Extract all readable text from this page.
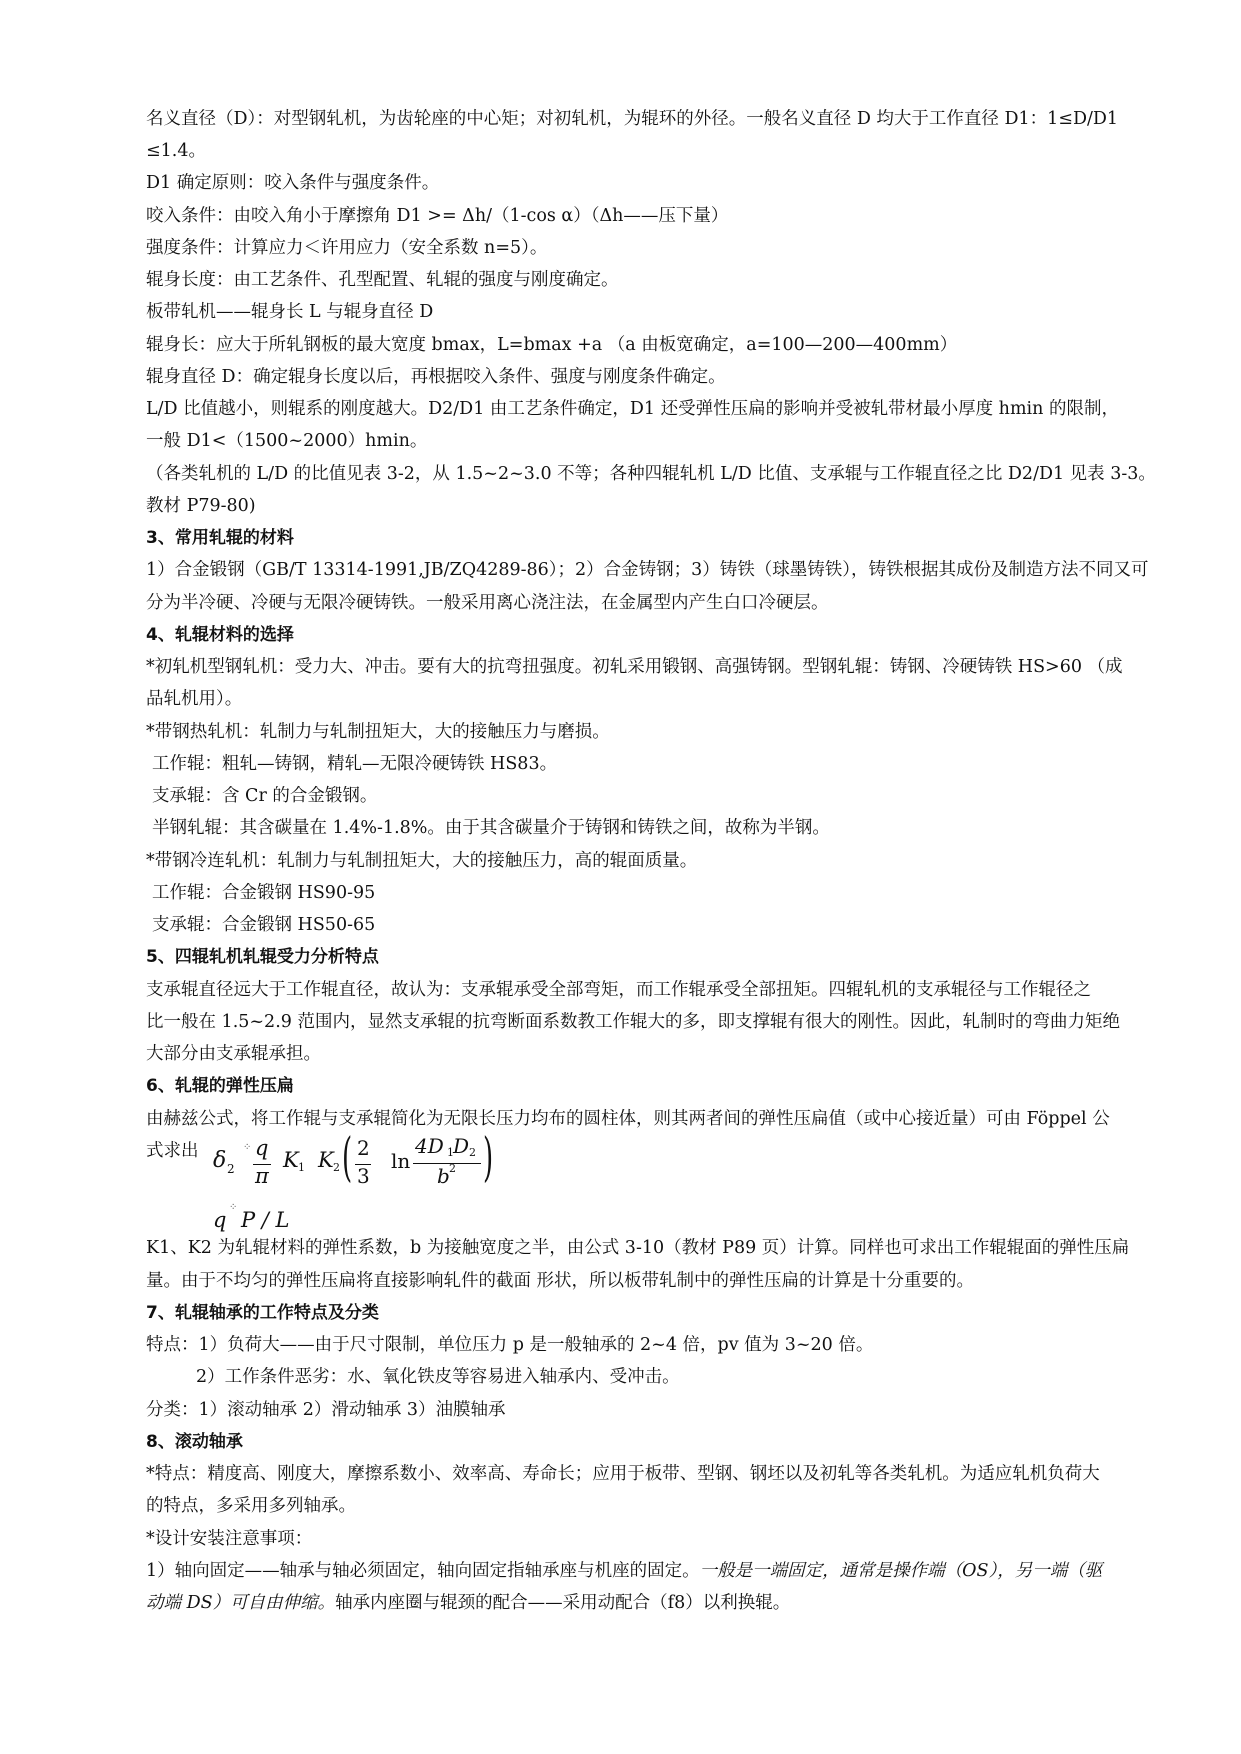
名义直径（D）：对型钢轧机，为齿轮座的中心矩；对初轧机，为辊环的外径。一般名义直径 D 均大于工作直径 D1：1≤D/D1
≤1.4。
D1 确定原则：咬入条件与强度条件。
咬入条件：由咬入角小于摩擦角 D1 >= Δh/（1-cos α）（Δh——压下量）
强度条件：计算应力＜许用应力（安全系数 n=5）。
辊身长度：由工艺条件、孔型配置、轧辊的强度与刚度确定。
板带轧机——辊身长 L 与辊身直径 D
辊身长：应大于所轧钢板的最大宽度 bmax，L=bmax +a （a 由板宽确定，a=100—200—400mm）
辊身直径 D：确定辊身长度以后，再根据咬入条件、强度与刚度条件确定。
L/D 比值越小，则辊系的刚度越大。D2/D1 由工艺条件确定，D1 还受弹性压扁的影响并受被轧带材最小厚度 hmin 的限制，
一般 D1<（1500~2000）hmin。
（各类轧机的 L/D 的比值见表 3-2，从 1.5~2~3.0 不等；各种四辊轧机 L/D 比值、支承辊与工作辊直径之比 D2/D1 见表 3-3。
教材 P79-80)
3、常用轧辊的材料
1）合金锻钢（GB/T 13314-1991,JB/ZQ4289-86）；2）合金铸钢；3）铸铁（球墨铸铁），铸铁根据其成份及制造方法不同又可
分为半冷硬、冷硬与无限冷硬铸铁。一般采用离心浇注法，在金属型内产生白口冷硬层。
4、轧辊材料的选择
*初轧机型钢轧机：受力大、冲击。要有大的抗弯扭强度。初轧采用锻钢、高强铸钢。型钢轧辊：铸钢、冷硬铸铁 HS>60 （成
品轧机用）。
*带钢热轧机：轧制力与轧制扭矩大，大的接触压力与磨损。
工作辊：粗轧—铸钢，精轧—无限冷硬铸铁 HS83。
支承辊：含 Cr 的合金锻钢。
半钢轧辊：其含碳量在 1.4%-1.8%。由于其含碳量介于铸钢和铸铁之间，故称为半钢。
*带钢冷连轧机：轧制力与轧制扭矩大，大的接触压力，高的辊面质量。
工作辊：合金锻钢 HS90-95
支承辊：合金锻钢 HS50-65
5、四辊轧机轧辊受力分析特点
支承辊直径远大于工作辊直径，故认为：支承辊承受全部弯矩，而工作辊承受全部扭矩。四辊轧机的支承辊径与工作辊径之
比一般在 1.5~2.9 范围内，显然支承辊的抗弯断面系数教工作辊大的多，即支撑辊有很大的刚性。因此，轧制时的弯曲力矩绝
大部分由支承辊承担。
6、轧辊的弹性压扁
由赫兹公式，将工作辊与支承辊简化为无限长压力均布的圆柱体，则其两者间的弹性压扁值（或中心接近量）可由 Föppel 公
式求出 δ 2
⁘ q
π
K 1 K 2 ( 2
3
ln
4D 1 D 2
b 2 )
q
⁘
P / L
K1、K2 为轧辊材料的弹性系数，b 为接触宽度之半，由公式 3-10（教材 P89 页）计算。同样也可求出工作辊辊面的弹性压扁
量。由于不均匀的弹性压扁将直接影响轧件的截面 形状，所以板带轧制中的弹性压扁的计算是十分重要的。
7、轧辊轴承的工作特点及分类
特点：1）负荷大——由于尺寸限制，单位压力 p 是一般轴承的 2~4 倍，pv 值为 3~20 倍。
2）工作条件恶劣：水、氧化铁皮等容易进入轴承内、受冲击。
分类：1）滚动轴承 2）滑动轴承 3）油膜轴承
8、滚动轴承
*特点：精度高、刚度大，摩擦系数小、效率高、寿命长；应用于板带、型钢、钢坯以及初轧等各类轧机。为适应轧机负荷大
的特点，多采用多列轴承。
*设计安装注意事项：
1）轴向固定——轴承与轴必须固定，轴向固定指轴承座与机座的固定。一般是一端固定，通常是操作端（OS），另一端（驱
动端 DS）可自由伸缩。轴承内座圈与辊颈的配合——采用动配合（f8）以利换辊。
